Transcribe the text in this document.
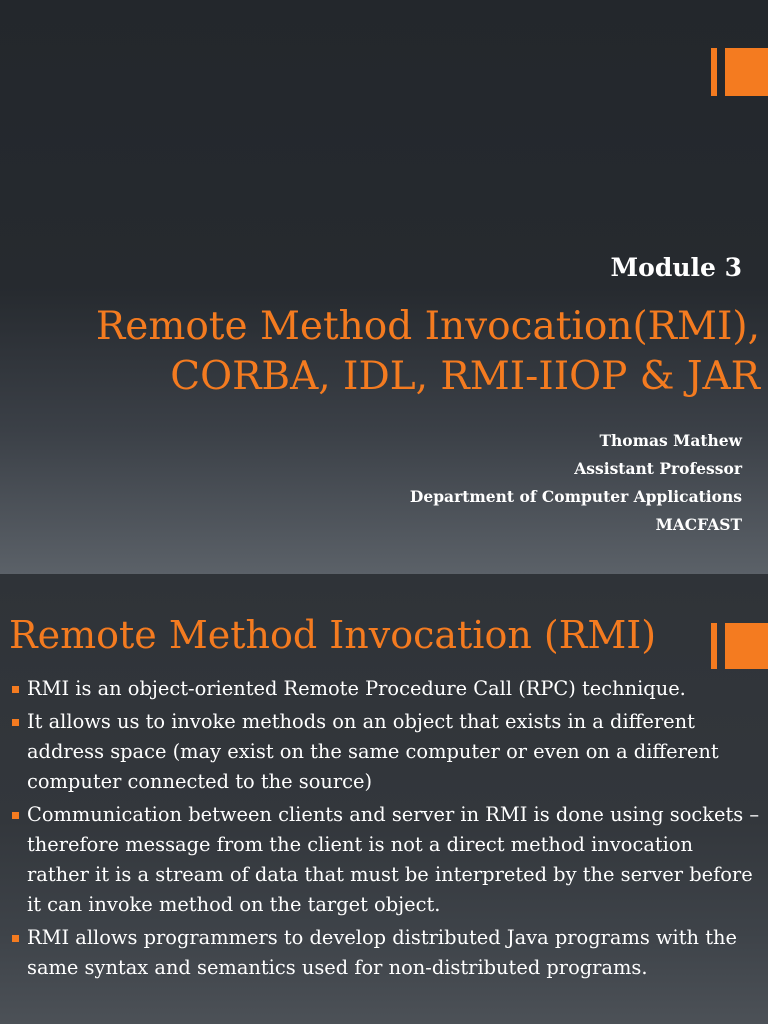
Module 3
Remote Method Invocation(RMI),
CORBA, IDL, RMI-IIOP & JAR
Thomas Mathew
Assistant Professor
Department of Computer Applications
MACFAST
Remote Method Invocation (RMI)
RMI is an object-oriented Remote Procedure Call (RPC) technique.
It allows us to invoke methods on an object that exists in a different address space (may exist on the same computer or even on a different computer connected to the source)
Communication between clients and server in RMI is done using sockets – therefore message from the client is not a direct method invocation rather it is a stream of data that must be interpreted by the server before it can invoke method on the target object.
RMI allows programmers to develop distributed Java programs with the same syntax and semantics used for non-distributed programs.
